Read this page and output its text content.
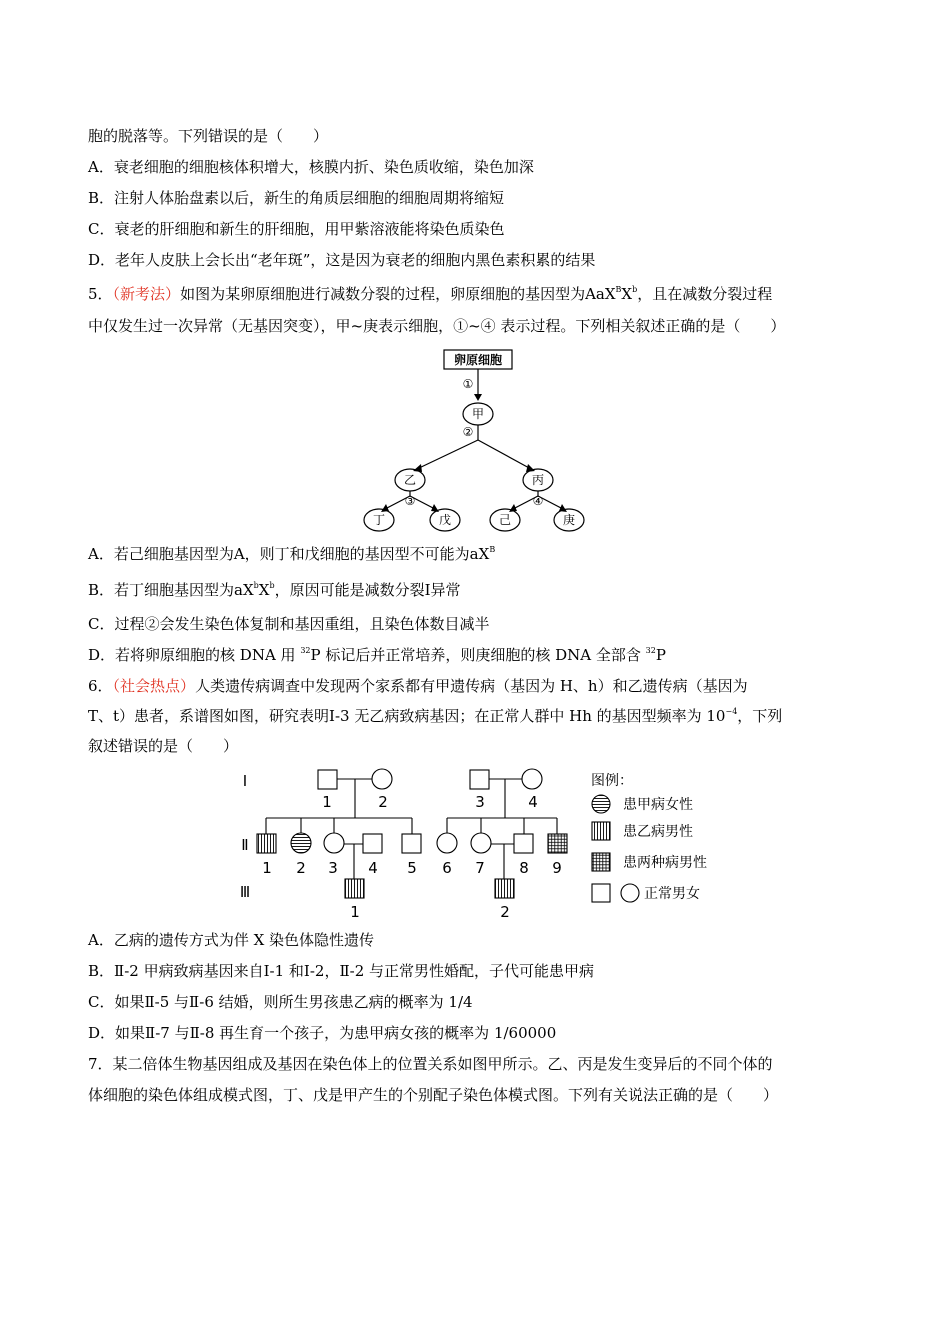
胞的脱落等。下列错误的是（　　）
A．衰老细胞的细胞核体积增大，核膜内折、染色质收缩，染色加深
B．注射人体胎盘素以后，新生的角质层细胞的细胞周期将缩短
C．衰老的肝细胞和新生的肝细胞，用甲紫溶液能将染色质染色
D．老年人皮肤上会长出“老年斑”，这是因为衰老的细胞内黑色素积累的结果
5．（新考法）如图为某卵原细胞进行减数分裂的过程，卵原细胞的基因型为$AaX^BX^b$，且在减数分裂过程
中仅发生过一次异常（无基因突变），甲~庚表示细胞，①~④ 表示过程。下列相关叙述正确的是（　　）
卵原细胞
①
甲
②
乙	丙
③	④
丁	戊	己	庚
A．若己细胞基因型为A，则丁和戊细胞的基因型不可能为$aX^B$
B．若丁细胞基因型为$aX^bX^b$，原因可能是减数分裂Ⅰ异常
C．过程②会发生染色体复制和基因重组，且染色体数目减半
D．若将卵原细胞的核 DNA 用 $^{32}$P 标记后并正常培养，则庚细胞的核 DNA 全部含 $^{32}$P
6．（社会热点）人类遗传病调查中发现两个家系都有甲遗传病（基因为 H、h）和乙遗传病（基因为
T、t）患者，系谱图如图，研究表明Ⅰ-3 无乙病致病基因；在正常人群中 Hh 的基因型频率为 $10^{-4}$，下列
叙述错误的是（　　）
Ⅰ
Ⅱ
Ⅲ
1	2	3	4
1 2 3 4 5 6 7 8 9
1	2
图例：
患甲病女性
患乙病男性
患两种病男性
正常男女
A．乙病的遗传方式为伴 X 染色体隐性遗传
B．Ⅱ-2 甲病致病基因来自Ⅰ-1 和Ⅰ-2，Ⅱ-2 与正常男性婚配，子代可能患甲病
C．如果Ⅱ-5 与Ⅱ-6 结婚，则所生男孩患乙病的概率为 1/4
D．如果Ⅱ-7 与Ⅱ-8 再生育一个孩子，为患甲病女孩的概率为 1/60000
7．某二倍体生物基因组成及基因在染色体上的位置关系如图甲所示。乙、丙是发生变异后的不同个体的
体细胞的染色体组成模式图，丁、戊是甲产生的个别配子染色体模式图。下列有关说法正确的是（　　）
